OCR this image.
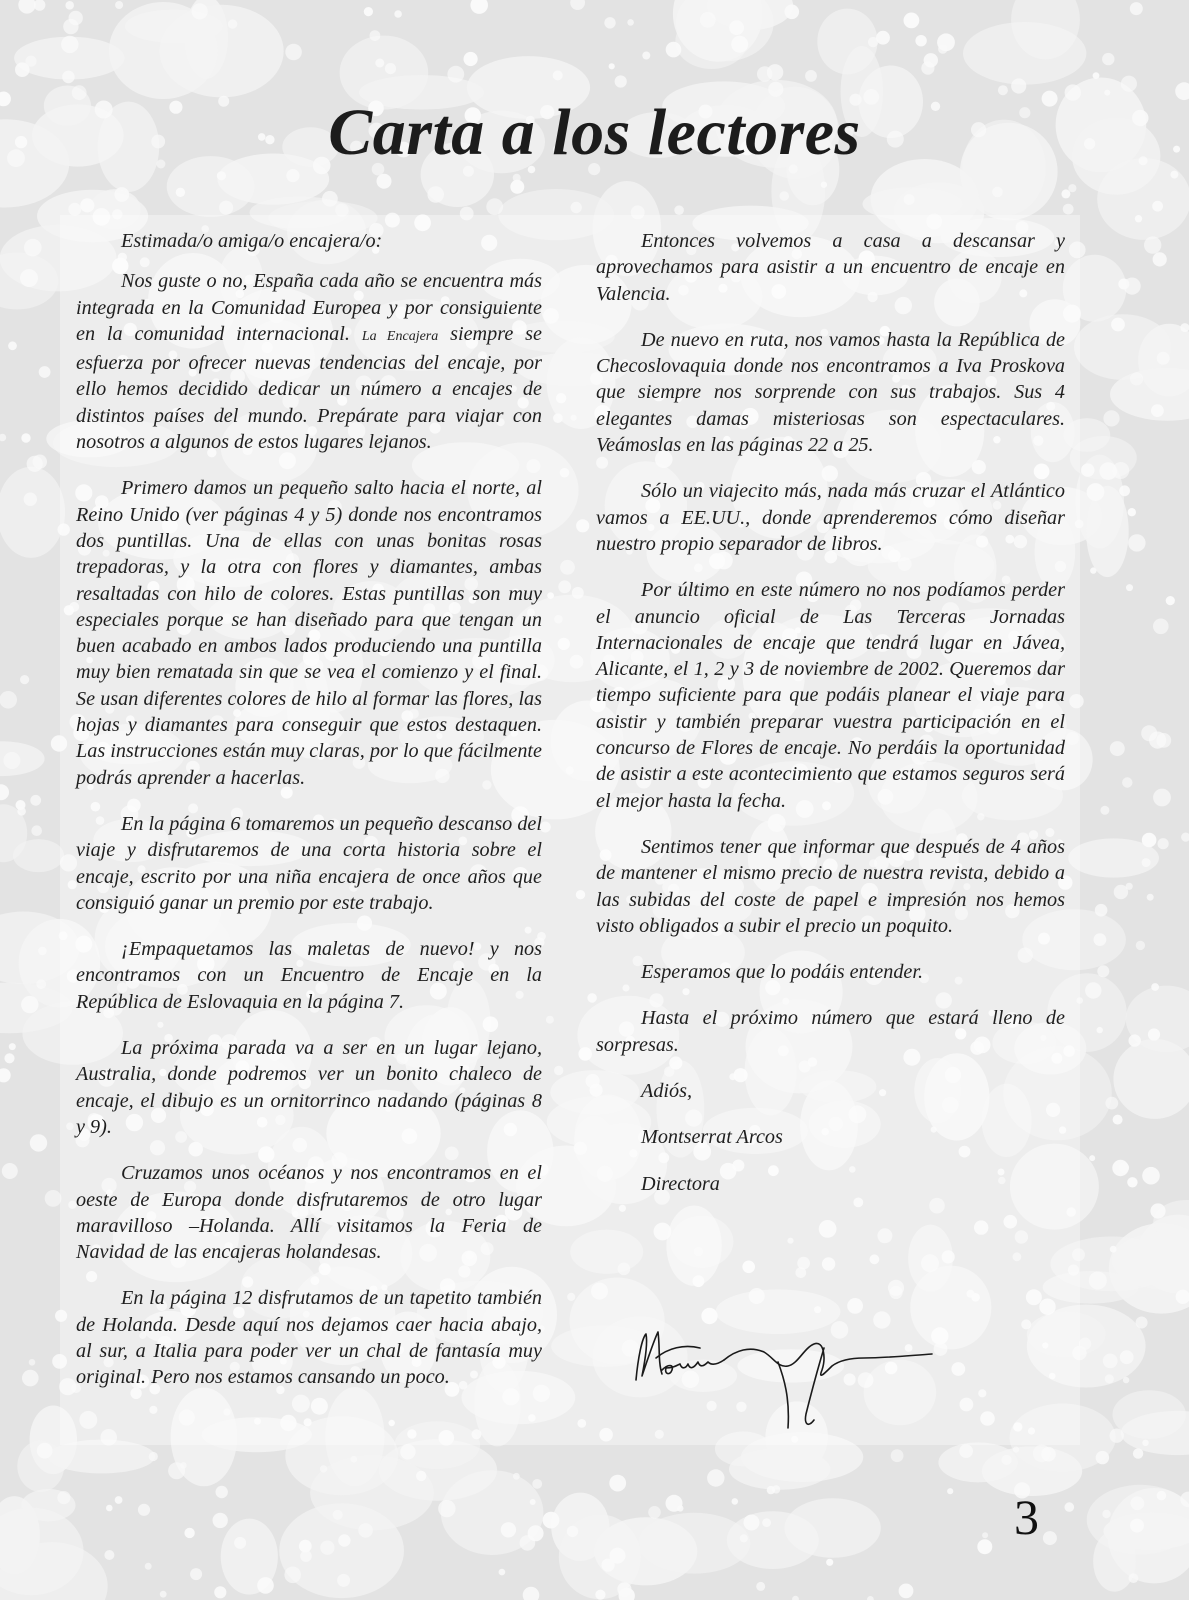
Carta a los lectores

Estimada/o amiga/o encajera/o:

Nos guste o no, España cada año se encuentra más integrada en la Comunidad Europea y por consiguiente en la comunidad internacional. La Encajera siempre se esfuerza por ofrecer nuevas tendencias del encaje, por ello hemos decidido dedicar un número a encajes de distintos países del mundo. Prepárate para viajar con nosotros a algunos de estos lugares lejanos.

Primero damos un pequeño salto hacia el norte, al Reino Unido (ver páginas 4 y 5) donde nos encontramos dos puntillas. Una de ellas con unas bonitas rosas trepadoras, y la otra con flores y diamantes, ambas resaltadas con hilo de colores. Estas puntillas son muy especiales porque se han diseñado para que tengan un buen acabado en ambos lados produciendo una puntilla muy bien rematada sin que se vea el comienzo y el final. Se usan diferentes colores de hilo al formar las flores, las hojas y diamantes para conseguir que estos destaquen. Las instrucciones están muy claras, por lo que fácilmente podrás aprender a hacerlas.

En la página 6 tomaremos un pequeño descanso del viaje y disfrutaremos de una corta historia sobre el encaje, escrito por una niña encajera de once años que consiguió ganar un premio por este trabajo.

¡Empaquetamos las maletas de nuevo! y nos encontramos con un Encuentro de Encaje en la República de Eslovaquia en la página 7.

La próxima parada va a ser en un lugar lejano, Australia, donde podremos ver un bonito chaleco de encaje, el dibujo es un ornitorrinco nadando (páginas 8 y 9).

Cruzamos unos océanos y nos encontramos en el oeste de Europa donde disfrutaremos de otro lugar maravilloso –Holanda. Allí visitamos la Feria de Navidad de las encajeras holandesas.

En la página 12 disfrutamos de un tapetito también de Holanda. Desde aquí nos dejamos caer hacia abajo, al sur, a Italia para poder ver un chal de fantasía muy original. Pero nos estamos cansando un poco.

Entonces volvemos a casa a descansar y aprovechamos para asistir a un encuentro de encaje en Valencia.

De nuevo en ruta, nos vamos hasta la República de Checoslovaquia donde nos encontramos a Iva Proskova que siempre nos sorprende con sus trabajos. Sus 4 elegantes damas misteriosas son espectaculares. Veámoslas en las páginas 22 a 25.

Sólo un viajecito más, nada más cruzar el Atlántico vamos a EE.UU., donde aprenderemos cómo diseñar nuestro propio separador de libros.

Por último en este número no nos podíamos perder el anuncio oficial de Las Terceras Jornadas Internacionales de encaje que tendrá lugar en Jávea, Alicante, el 1, 2 y 3 de noviembre de 2002. Queremos dar tiempo suficiente para que podáis planear el viaje para asistir y también preparar vuestra participación en el concurso de Flores de encaje. No perdáis la oportunidad de asistir a este acontecimiento que estamos seguros será el mejor hasta la fecha.

Sentimos tener que informar que después de 4 años de mantener el mismo precio de nuestra revista, debido a las subidas del coste de papel e impresión nos hemos visto obligados a subir el precio un poquito.

Esperamos que lo podáis entender.

Hasta el próximo número que estará lleno de sorpresas.

Adiós,

Montserrat Arcos

Directora

3
